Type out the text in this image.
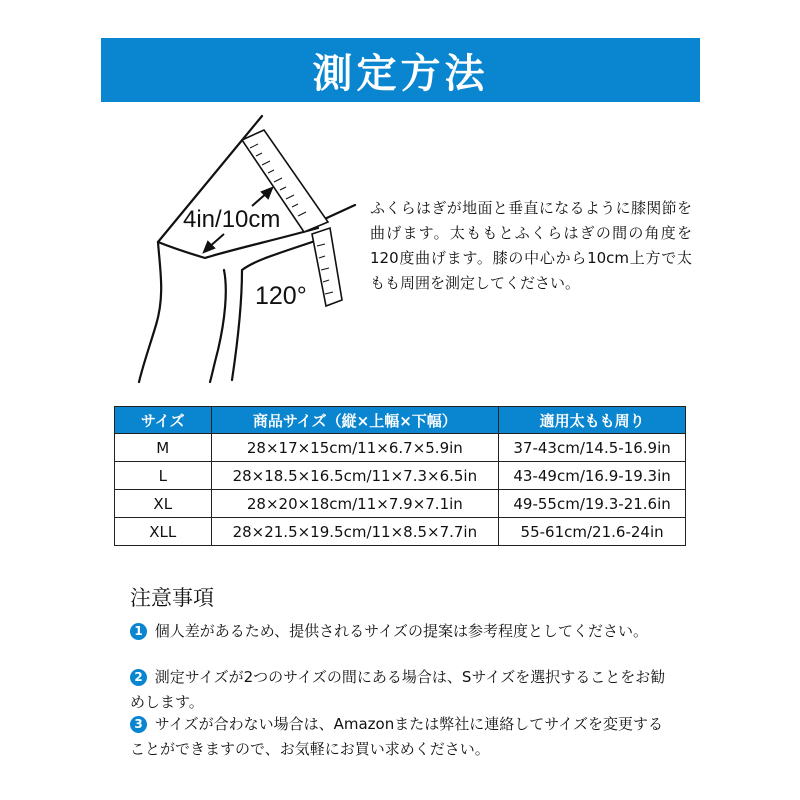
測定方法
4in/10cm
120°
ふくらはぎが地面と垂直になるように膝関節を曲げます。太ももとふくらはぎの間の角度を120度曲げます。膝の中心から10cm上方で太もも周囲を測定してください。
サイズ	商品サイズ（縦×上幅×下幅）	適用太もも周り
M	28×17×15cm/11×6.7×5.9in	37-43cm/14.5-16.9in
L	28×18.5×16.5cm/11×7.3×6.5in	43-49cm/16.9-19.3in
XL	28×20×18cm/11×7.9×7.1in	49-55cm/19.3-21.6in
XLL	28×21.5×19.5cm/11×8.5×7.7in	55-61cm/21.6-24in
注意事項
1 個人差があるため、提供されるサイズの提案は参考程度としてください。
2 測定サイズが2つのサイズの間にある場合は、Sサイズを選択することをお勧めします。
3 サイズが合わない場合は、Amazonまたは弊社に連絡してサイズを変更することができますので、お気軽にお買い求めください。
